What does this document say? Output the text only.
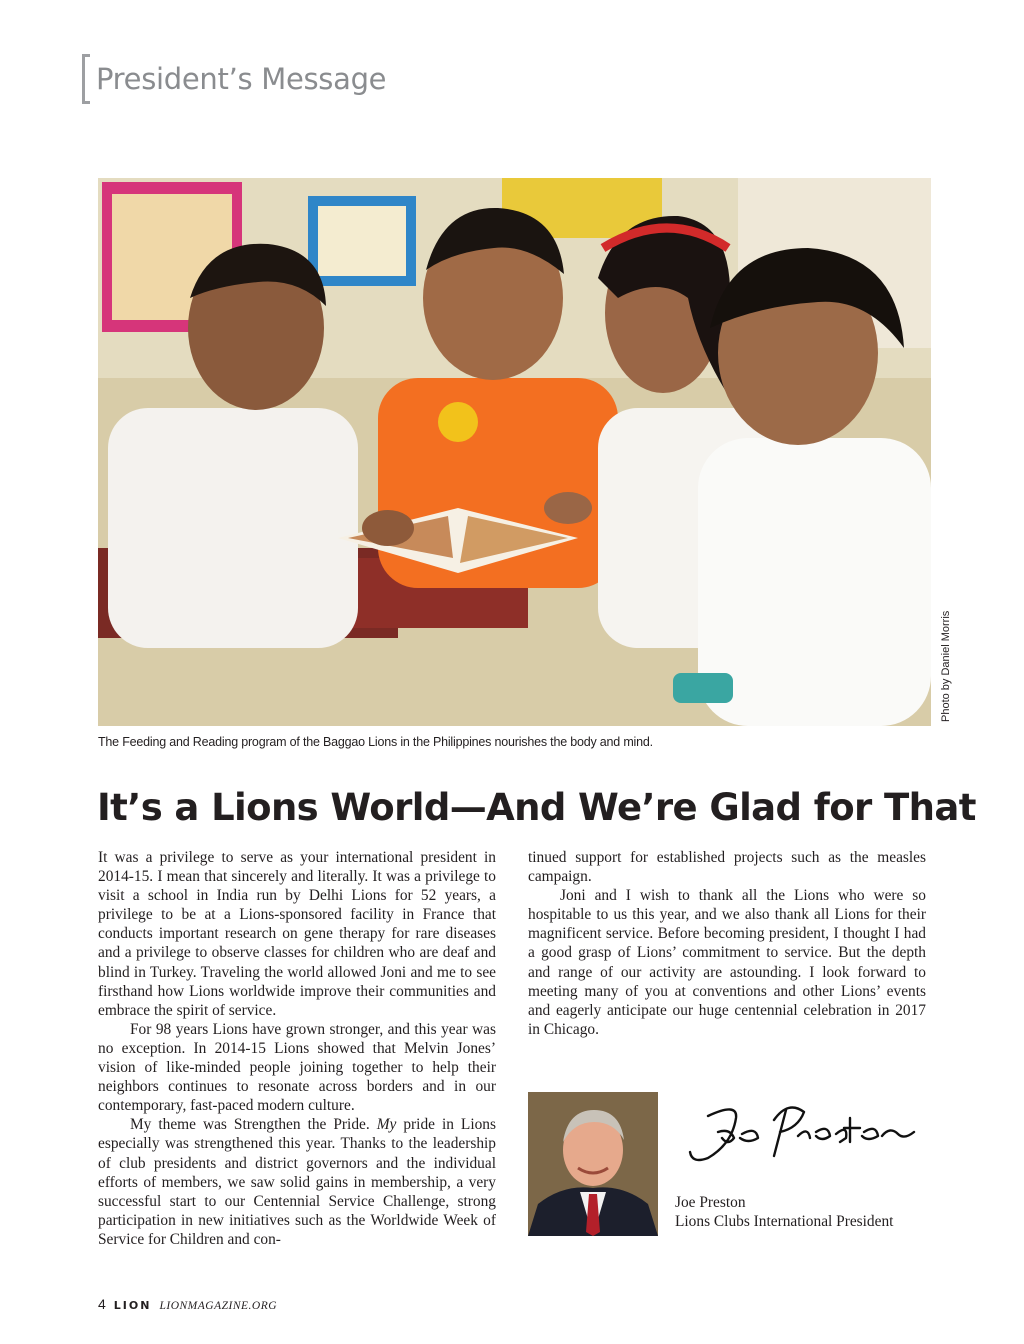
President’s Message
Photo by Daniel Morris
The Feeding and Reading program of the Baggao Lions in the Philippines nourishes the body and mind.
It’s a Lions World—And We’re Glad for That

It was a privilege to serve as your international president in 2014-15. I mean that sincerely and literally. It was a privilege to visit a school in India run by Delhi Lions for 52 years, a privilege to be at a Lions-sponsored facility in France that conducts important research on gene therapy for rare diseases and a privilege to observe classes for children who are deaf and blind in Turkey. Traveling the world allowed Joni and me to see firsthand how Lions worldwide improve their communities and embrace the spirit of service.

For 98 years Lions have grown stronger, and this year was no exception. In 2014-15 Lions showed that Melvin Jones’ vision of like-minded people joining together to help their neighbors continues to resonate across borders and in our contemporary, fast-paced modern culture.

My theme was Strengthen the Pride. My pride in Lions especially was strengthened this year. Thanks to the leadership of club presidents and district governors and the individual efforts of members, we saw solid gains in membership, a very successful start to our Centennial Service Challenge, strong participation in new initiatives such as the Worldwide Week of Service for Children and con-

tinued support for established projects such as the measles campaign.

Joni and I wish to thank all the Lions who were so hospitable to us this year, and we also thank all Lions for their magnificent service. Before becoming president, I thought I had a good grasp of Lions’ commitment to service. But the depth and range of our activity are astounding. I look forward to meeting many of you at conventions and other Lions’ events and eagerly anticipate our huge centennial celebration in 2017 in Chicago.

Joe Preston
Lions Clubs International President
4 LION LIONMAGAZINE.ORG
